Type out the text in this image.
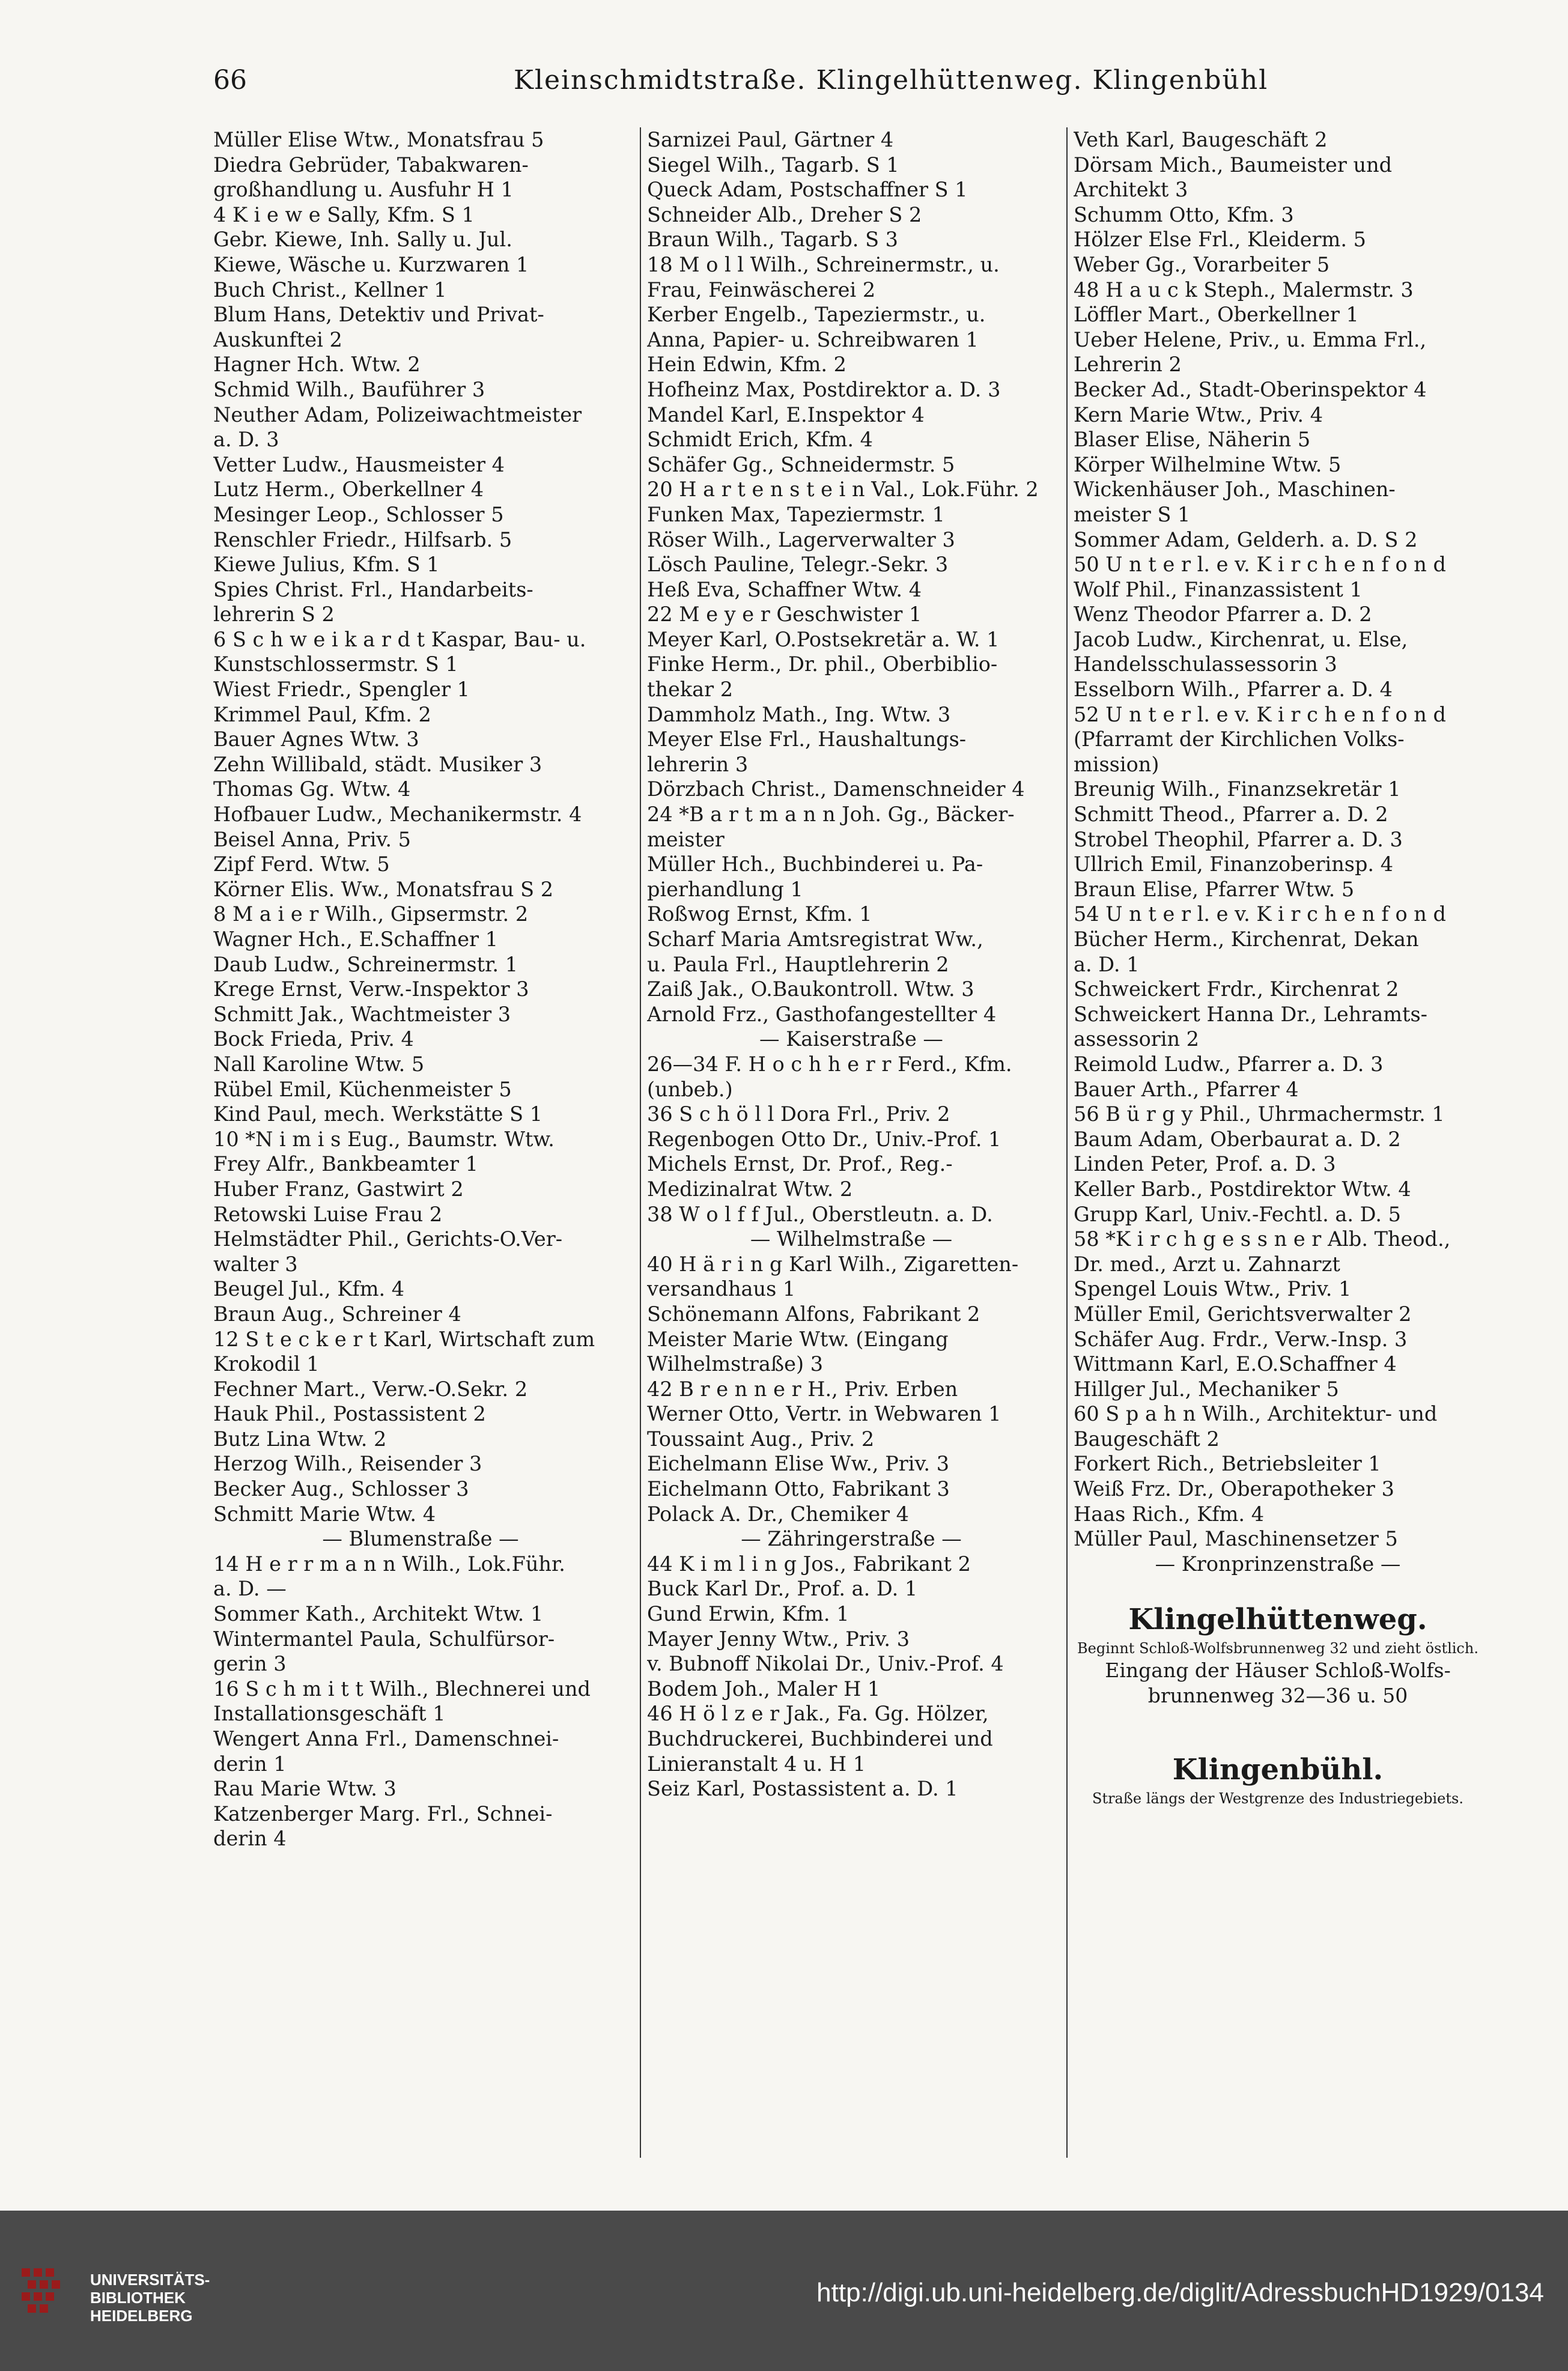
66	Kleinschmidtstraße. Klingelhüttenweg. Klingenbühl
Müller Elise Wtw., Monatsfrau 5
Diedra Gebrüder, Tabakwaren-
großhandlung u. Ausfuhr H 1
4 K i e w e Sally, Kfm. S 1
Gebr. Kiewe, Inh. Sally u. Jul.
Kiewe, Wäsche u. Kurzwaren 1
Buch Christ., Kellner 1
Blum Hans, Detektiv und Privat-
Auskunftei 2
Hagner Hch. Wtw. 2
Schmid Wilh., Bauführer 3
Neuther Adam, Polizeiwachtmeister
a. D. 3
Vetter Ludw., Hausmeister 4
Lutz Herm., Oberkellner 4
Mesinger Leop., Schlosser 5
Renschler Friedr., Hilfsarb. 5
Kiewe Julius, Kfm. S 1
Spies Christ. Frl., Handarbeits-
lehrerin S 2
6 S c h w e i k a r d t Kaspar, Bau- u.
Kunstschlossermstr. S 1
Wiest Friedr., Spengler 1
Krimmel Paul, Kfm. 2
Bauer Agnes Wtw. 3
Zehn Willibald, städt. Musiker 3
Thomas Gg. Wtw. 4
Hofbauer Ludw., Mechanikermstr. 4
Beisel Anna, Priv. 5
Zipf Ferd. Wtw. 5
Körner Elis. Ww., Monatsfrau S 2
8 M a i e r Wilh., Gipsermstr. 2
Wagner Hch., E.Schaffner 1
Daub Ludw., Schreinermstr. 1
Krege Ernst, Verw.-Inspektor 3
Schmitt Jak., Wachtmeister 3
Bock Frieda, Priv. 4
Nall Karoline Wtw. 5
Rübel Emil, Küchenmeister 5
Kind Paul, mech. Werkstätte S 1
10 *N i m i s Eug., Baumstr. Wtw.
Frey Alfr., Bankbeamter 1
Huber Franz, Gastwirt 2
Retowski Luise Frau 2
Helmstädter Phil., Gerichts-O.Ver-
walter 3
Beugel Jul., Kfm. 4
Braun Aug., Schreiner 4
12 S t e c k e r t Karl, Wirtschaft zum
Krokodil 1
Fechner Mart., Verw.-O.Sekr. 2
Hauk Phil., Postassistent 2
Butz Lina Wtw. 2
Herzog Wilh., Reisender 3
Becker Aug., Schlosser 3
Schmitt Marie Wtw. 4
— Blumenstraße —
14 H e r r m a n n Wilh., Lok.Führ.
a. D. —
Sommer Kath., Architekt Wtw. 1
Wintermantel Paula, Schulfürsor-
gerin 3
16 S c h m i t t Wilh., Blechnerei und
Installationsgeschäft 1
Wengert Anna Frl., Damenschnei-
derin 1
Rau Marie Wtw. 3
Katzenberger Marg. Frl., Schnei-
derin 4
Sarnizei Paul, Gärtner 4
Siegel Wilh., Tagarb. S 1
Queck Adam, Postschaffner S 1
Schneider Alb., Dreher S 2
Braun Wilh., Tagarb. S 3
18 M o l l Wilh., Schreinermstr., u.
Frau, Feinwäscherei 2
Kerber Engelb., Tapeziermstr., u.
Anna, Papier- u. Schreibwaren 1
Hein Edwin, Kfm. 2
Hofheinz Max, Postdirektor a. D. 3
Mandel Karl, E.Inspektor 4
Schmidt Erich, Kfm. 4
Schäfer Gg., Schneidermstr. 5
20 H a r t e n s t e i n Val., Lok.Führ. 2
Funken Max, Tapeziermstr. 1
Röser Wilh., Lagerverwalter 3
Lösch Pauline, Telegr.-Sekr. 3
Heß Eva, Schaffner Wtw. 4
22 M e y e r Geschwister 1
Meyer Karl, O.Postsekretär a. W. 1
Finke Herm., Dr. phil., Oberbiblio-
thekar 2
Dammholz Math., Ing. Wtw. 3
Meyer Else Frl., Haushaltungs-
lehrerin 3
Dörzbach Christ., Damenschneider 4
24 *B a r t m a n n Joh. Gg., Bäcker-
meister
Müller Hch., Buchbinderei u. Pa-
pierhandlung 1
Roßwog Ernst, Kfm. 1
Scharf Maria Amtsregistrat Ww.,
u. Paula Frl., Hauptlehrerin 2
Zaiß Jak., O.Baukontroll. Wtw. 3
Arnold Frz., Gasthofangestellter 4
— Kaiserstraße —
26—34 F. H o c h h e r r Ferd., Kfm.
(unbeb.)
36 S c h ö l l Dora Frl., Priv. 2
Regenbogen Otto Dr., Univ.-Prof. 1
Michels Ernst, Dr. Prof., Reg.-
Medizinalrat Wtw. 2
38 W o l f f Jul., Oberstleutn. a. D.
— Wilhelmstraße —
40 H ä r i n g Karl Wilh., Zigaretten-
versandhaus 1
Schönemann Alfons, Fabrikant 2
Meister Marie Wtw. (Eingang
Wilhelmstraße) 3
42 B r e n n e r H., Priv. Erben
Werner Otto, Vertr. in Webwaren 1
Toussaint Aug., Priv. 2
Eichelmann Elise Ww., Priv. 3
Eichelmann Otto, Fabrikant 3
Polack A. Dr., Chemiker 4
— Zähringerstraße —
44 K i m l i n g Jos., Fabrikant 2
Buck Karl Dr., Prof. a. D. 1
Gund Erwin, Kfm. 1
Mayer Jenny Wtw., Priv. 3
v. Bubnoff Nikolai Dr., Univ.-Prof. 4
Bodem Joh., Maler H 1
46 H ö l z e r Jak., Fa. Gg. Hölzer,
Buchdruckerei, Buchbinderei und
Linieranstalt 4 u. H 1
Seiz Karl, Postassistent a. D. 1
Veth Karl, Baugeschäft 2
Dörsam Mich., Baumeister und
Architekt 3
Schumm Otto, Kfm. 3
Hölzer Else Frl., Kleiderm. 5
Weber Gg., Vorarbeiter 5
48 H a u c k Steph., Malermstr. 3
Löffler Mart., Oberkellner 1
Ueber Helene, Priv., u. Emma Frl.,
Lehrerin 2
Becker Ad., Stadt-Oberinspektor 4
Kern Marie Wtw., Priv. 4
Blaser Elise, Näherin 5
Körper Wilhelmine Wtw. 5
Wickenhäuser Joh., Maschinen-
meister S 1
Sommer Adam, Gelderh. a. D. S 2
50 U n t e r l. e v. K i r c h e n f o n d
Wolf Phil., Finanzassistent 1
Wenz Theodor Pfarrer a. D. 2
Jacob Ludw., Kirchenrat, u. Else,
Handelsschulassessorin 3
Esselborn Wilh., Pfarrer a. D. 4
52 U n t e r l. e v. K i r c h e n f o n d
(Pfarramt der Kirchlichen Volks-
mission)
Breunig Wilh., Finanzsekretär 1
Schmitt Theod., Pfarrer a. D. 2
Strobel Theophil, Pfarrer a. D. 3
Ullrich Emil, Finanzoberinsp. 4
Braun Elise, Pfarrer Wtw. 5
54 U n t e r l. e v. K i r c h e n f o n d
Bücher Herm., Kirchenrat, Dekan
a. D. 1
Schweickert Frdr., Kirchenrat 2
Schweickert Hanna Dr., Lehramts-
assessorin 2
Reimold Ludw., Pfarrer a. D. 3
Bauer Arth., Pfarrer 4
56 B ü r g y Phil., Uhrmachermstr. 1
Baum Adam, Oberbaurat a. D. 2
Linden Peter, Prof. a. D. 3
Keller Barb., Postdirektor Wtw. 4
Grupp Karl, Univ.-Fechtl. a. D. 5
58 *K i r c h g e s s n e r Alb. Theod.,
Dr. med., Arzt u. Zahnarzt
Spengel Louis Wtw., Priv. 1
Müller Emil, Gerichtsverwalter 2
Schäfer Aug. Frdr., Verw.-Insp. 3
Wittmann Karl, E.O.Schaffner 4
Hillger Jul., Mechaniker 5
60 S p a h n Wilh., Architektur- und
Baugeschäft 2
Forkert Rich., Betriebsleiter 1
Weiß Frz. Dr., Oberapotheker 3
Haas Rich., Kfm. 4
Müller Paul, Maschinensetzer 5
— Kronprinzenstraße —
Klingelhüttenweg.
Beginnt Schloß-Wolfsbrunnenweg 32 und zieht östlich.
Eingang der Häuser Schloß-Wolfs-
brunnenweg 32—36 u. 50
Klingenbühl.
Straße längs der Westgrenze des Industriegebiets.
UNIVERSITÄTS-
BIBLIOTHEK
HEIDELBERG
http://digi.ub.uni-heidelberg.de/diglit/AdressbuchHD1929/0134
